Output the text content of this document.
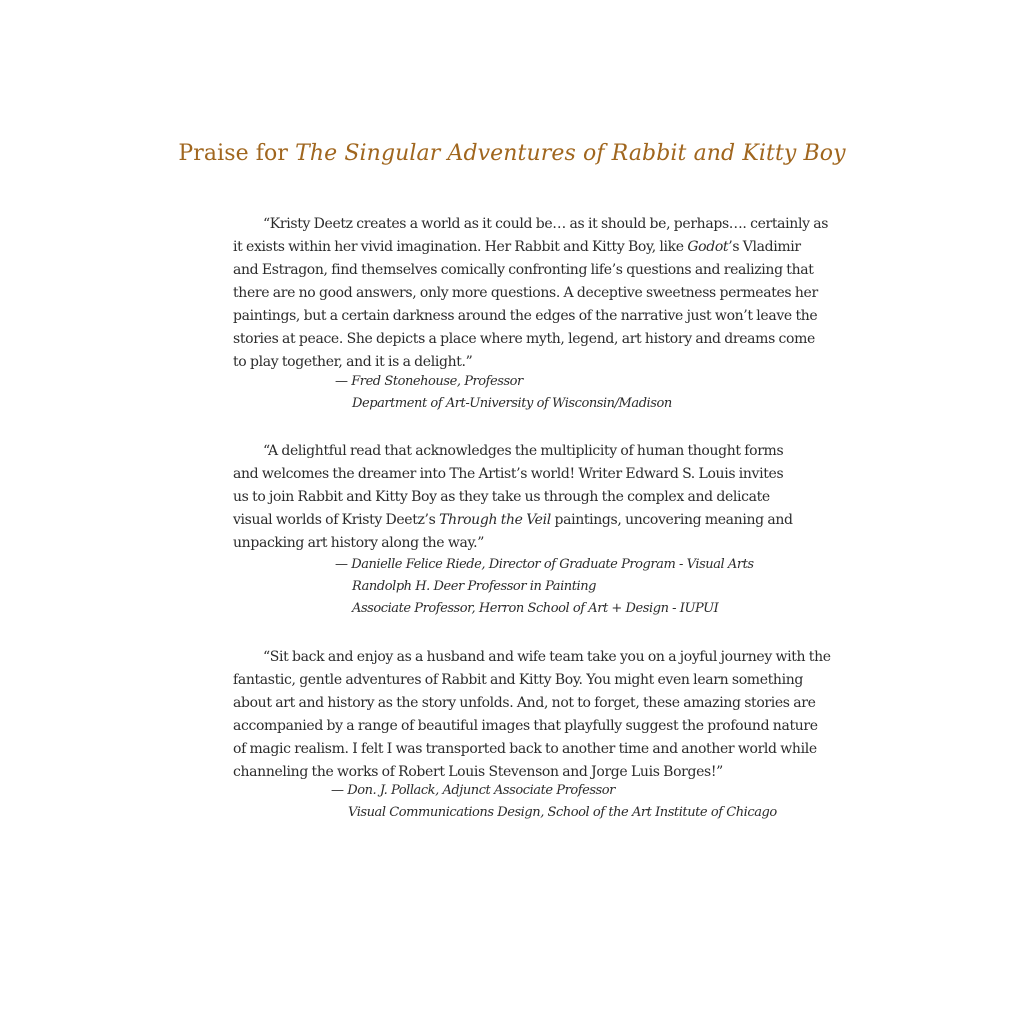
Praise for The Singular Adventures of Rabbit and Kitty Boy
“Kristy Deetz creates a world as it could be… as it should be, perhaps…. certainly as
it exists within her vivid imagination. Her Rabbit and Kitty Boy, like Godot’s Vladimir
and Estragon, find themselves comically confronting life’s questions and realizing that
there are no good answers, only more questions. A deceptive sweetness permeates her
paintings, but a certain darkness around the edges of the narrative just won’t leave the
stories at peace. She depicts a place where myth, legend, art history and dreams come
to play together, and it is a delight.”
— Fred Stonehouse, Professor
Department of Art-University of Wisconsin/Madison
“A delightful read that acknowledges the multiplicity of human thought forms
and welcomes the dreamer into The Artist’s world! Writer Edward S. Louis invites
us to join Rabbit and Kitty Boy as they take us through the complex and delicate
visual worlds of Kristy Deetz’s Through the Veil paintings, uncovering meaning and
unpacking art history along the way.”
— Danielle Felice Riede, Director of Graduate Program - Visual Arts
Randolph H. Deer Professor in Painting
Associate Professor, Herron School of Art + Design - IUPUI
“Sit back and enjoy as a husband and wife team take you on a joyful journey with the
fantastic, gentle adventures of Rabbit and Kitty Boy. You might even learn something
about art and history as the story unfolds. And, not to forget, these amazing stories are
accompanied by a range of beautiful images that playfully suggest the profound nature
of magic realism. I felt I was transported back to another time and another world while
channeling the works of Robert Louis Stevenson and Jorge Luis Borges!”
— Don. J. Pollack, Adjunct Associate Professor
Visual Communications Design, School of the Art Institute of Chicago
